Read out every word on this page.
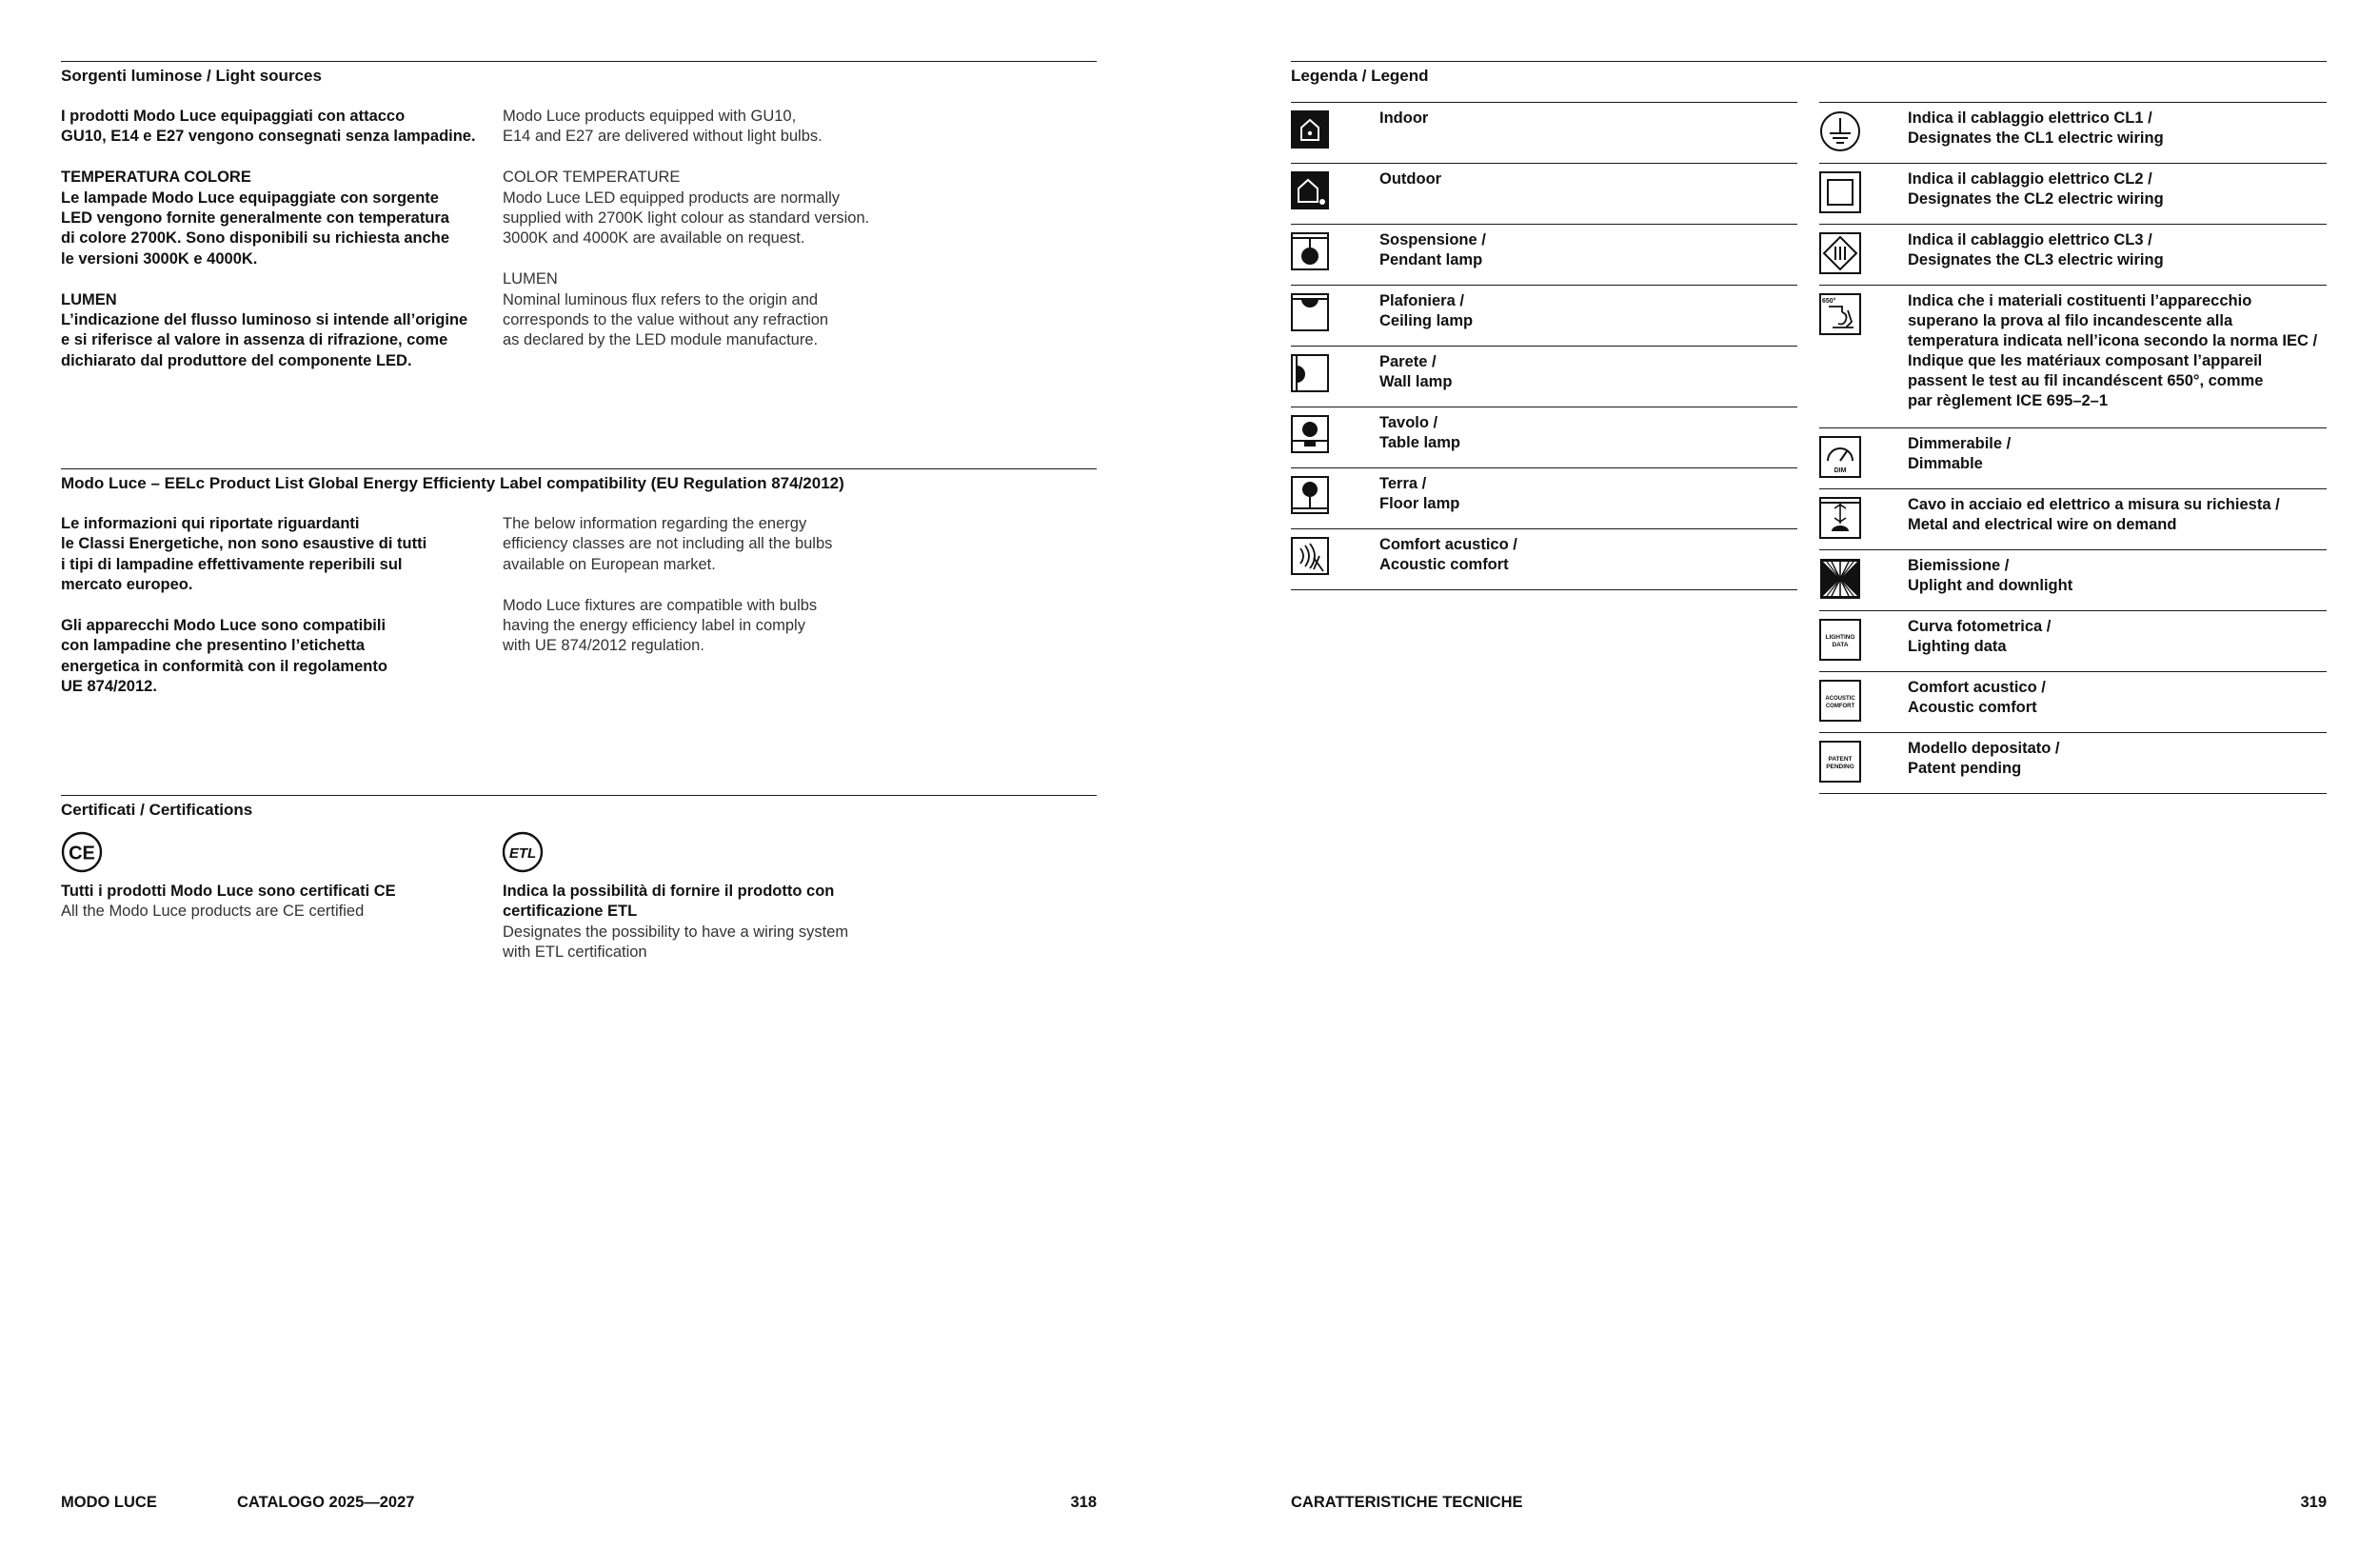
Sorgenti luminose / Light sources

I prodotti Modo Luce equipaggiati con attacco
GU10, E14 e E27 vengono consegnati senza lampadine.

TEMPERATURA COLORE
Le lampade Modo Luce equipaggiate con sorgente
LED vengono fornite generalmente con temperatura
di colore 2700K. Sono disponibili su richiesta anche
le versioni 3000K e 4000K.

LUMEN
L’indicazione del flusso luminoso si intende all’origine
e si riferisce al valore in assenza di rifrazione, come
dichiarato dal produttore del componente LED.

Modo Luce products equipped with GU10,
E14 and E27 are delivered without light bulbs.

COLOR TEMPERATURE
Modo Luce LED equipped products are normally
supplied with 2700K light colour as standard version.
3000K and 4000K are available on request.

LUMEN
Nominal luminous flux refers to the origin and
corresponds to the value without any refraction
as declared by the LED module manufacture.

Modo Luce – EELc Product List Global Energy Efficienty Label compatibility (EU Regulation 874/2012)

Le informazioni qui riportate riguardanti
le Classi Energetiche, non sono esaustive di tutti
i tipi di lampadine effettivamente reperibili sul
mercato europeo.

Gli apparecchi Modo Luce sono compatibili
con lampadine che presentino l’etichetta
energetica in conformità con il regolamento
UE 874/2012.

The below information regarding the energy
efficiency classes are not including all the bulbs
available on European market.

Modo Luce fixtures are compatible with bulbs
having the energy efficiency label in comply
with UE 874/2012 regulation.

Certificati / Certifications
CE	ETL
Tutti i prodotti Modo Luce sono certificati CE
All the Modo Luce products are CE certified
Indica la possibilità di fornire il prodotto con
certificazione ETL
Designates the possibility to have a wiring system
with ETL certification
MODO LUCE	CATALOGO 2025—2027	318
Legenda / Legend
Indoor
Outdoor
Sospensione /
Pendant lamp
Plafoniera /
Ceiling lamp
Parete /
Wall lamp
Tavolo /
Table lamp
Terra /
Floor lamp
Comfort acustico /
Acoustic comfort
Indica il cablaggio elettrico CL1 /
Designates the CL1 electric wiring
Indica il cablaggio elettrico CL2 /
Designates the CL2 electric wiring
Indica il cablaggio elettrico CL3 /
Designates the CL3 electric wiring
650°	Indica che i materiali costituenti l’apparecchio
superano la prova al filo incandescente alla
temperatura indicata nell’icona secondo la norma IEC /
Indique que les matériaux composant l’appareil
passent le test au fil incandéscent 650°, comme
par règlement ICE 695–2–1
DIM
Dimmerabile /
Dimmable
Cavo in acciaio ed elettrico a misura su richiesta /
Metal and electrical wire on demand
Biemissione /
Uplight and downlight
LIGHTING
DATA
Curva fotometrica /
Lighting data
ACOUSTIC
COMFORT
Comfort acustico /
Acoustic comfort
PATENT
PENDING
Modello depositato /
Patent pending
CARATTERISTICHE TECNICHE	319
